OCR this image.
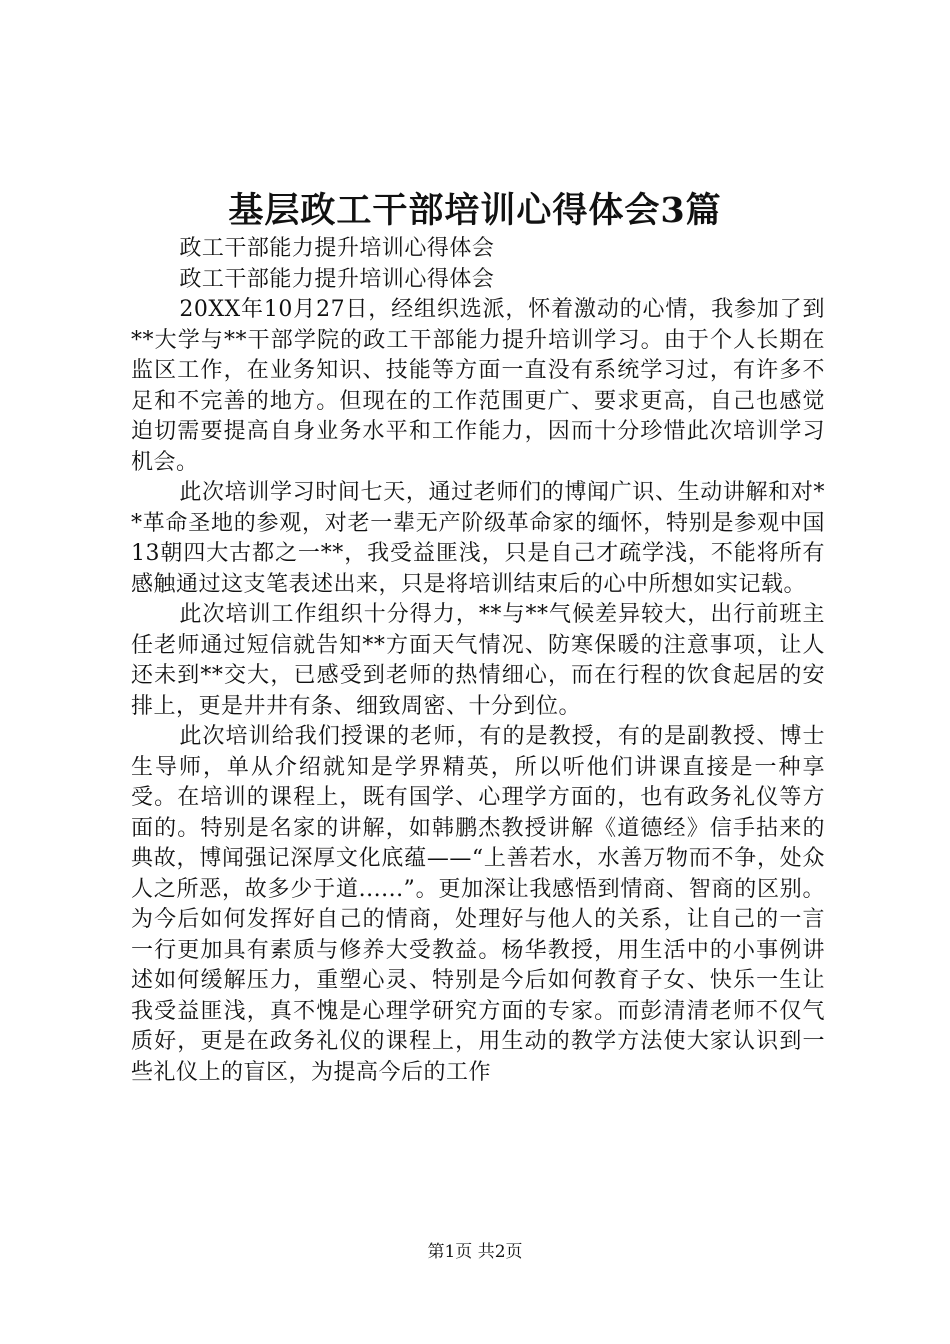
基层政工干部培训心得体会3篇

政工干部能力提升培训心得体会

政工干部能力提升培训心得体会

20XX年10月27日，经组织选派，怀着激动的心情，我参加了到**大学与**干部学院的政工干部能力提升培训学习。由于个人长期在监区工作，在业务知识、技能等方面一直没有系统学习过，有许多不足和不完善的地方。但现在的工作范围更广、要求更高，自己也感觉迫切需要提高自身业务水平和工作能力，因而十分珍惜此次培训学习机会。

此次培训学习时间七天，通过老师们的博闻广识、生动讲解和对**革命圣地的参观，对老一辈无产阶级革命家的缅怀，特别是参观中国13朝四大古都之一**，我受益匪浅，只是自己才疏学浅，不能将所有感触通过这支笔表述出来，只是将培训结束后的心中所想如实记载。

此次培训工作组织十分得力，**与**气候差异较大，出行前班主任老师通过短信就告知**方面天气情况、防寒保暖的注意事项，让人还未到**交大，已感受到老师的热情细心，而在行程的饮食起居的安排上，更是井井有条、细致周密、十分到位。

此次培训给我们授课的老师，有的是教授，有的是副教授、博士生导师，单从介绍就知是学界精英，所以听他们讲课直接是一种享受。在培训的课程上，既有国学、心理学方面的，也有政务礼仪等方面的。特别是名家的讲解，如韩鹏杰教授讲解《道德经》信手拈来的典故，博闻强记深厚文化底蕴——“上善若水，水善万物而不争，处众人之所恶，故多少于道......”。更加深让我感悟到情商、智商的区别。为今后如何发挥好自己的情商，处理好与他人的关系，让自己的一言一行更加具有素质与修养大受教益。杨华教授，用生活中的小事例讲述如何缓解压力，重塑心灵、特别是今后如何教育子女、快乐一生让我受益匪浅，真不愧是心理学研究方面的专家。而彭清清老师不仅气质好，更是在政务礼仪的课程上，用生动的教学方法使大家认识到一些礼仪上的盲区，为提高今后的工作

第1页 共2页
